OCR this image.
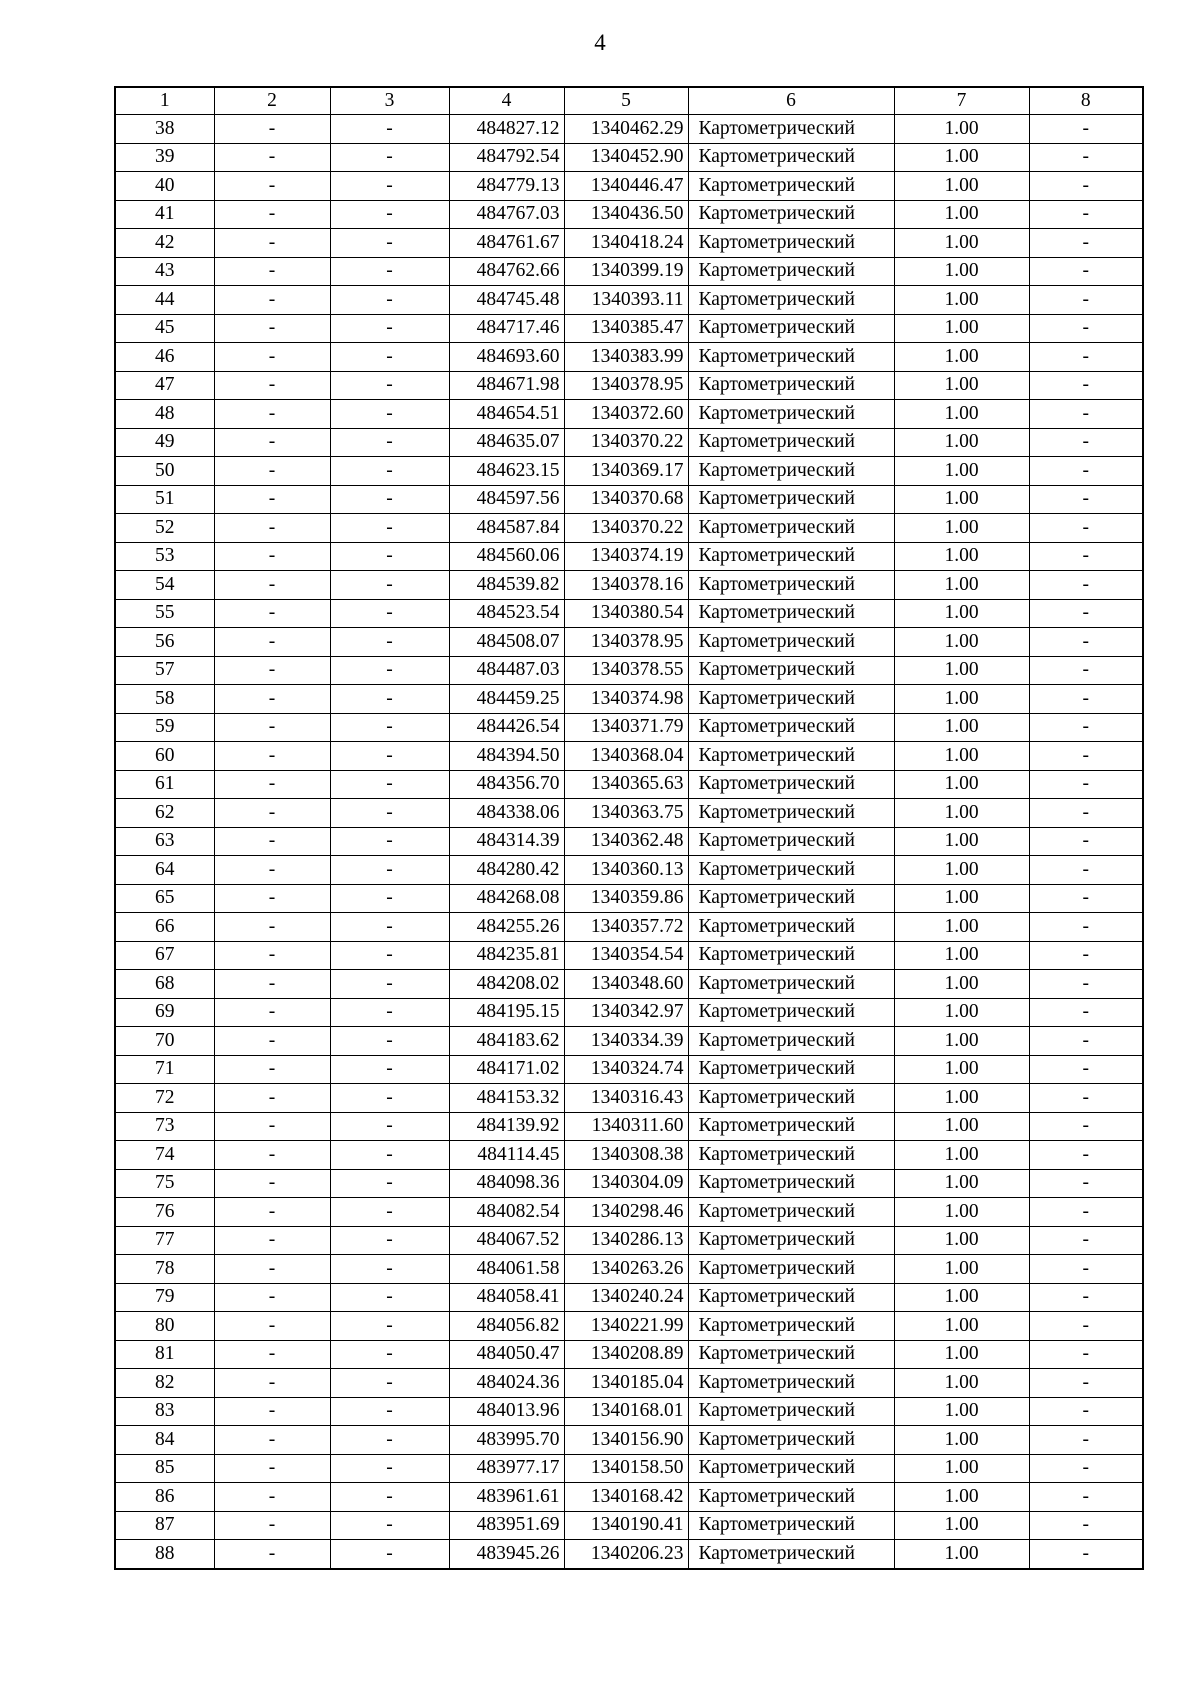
4
1	2	3	4	5	6	7	8
38	-	-	484827.12	1340462.29	Картометрический	1.00	-
39	-	-	484792.54	1340452.90	Картометрический	1.00	-
40	-	-	484779.13	1340446.47	Картометрический	1.00	-
41	-	-	484767.03	1340436.50	Картометрический	1.00	-
42	-	-	484761.67	1340418.24	Картометрический	1.00	-
43	-	-	484762.66	1340399.19	Картометрический	1.00	-
44	-	-	484745.48	1340393.11	Картометрический	1.00	-
45	-	-	484717.46	1340385.47	Картометрический	1.00	-
46	-	-	484693.60	1340383.99	Картометрический	1.00	-
47	-	-	484671.98	1340378.95	Картометрический	1.00	-
48	-	-	484654.51	1340372.60	Картометрический	1.00	-
49	-	-	484635.07	1340370.22	Картометрический	1.00	-
50	-	-	484623.15	1340369.17	Картометрический	1.00	-
51	-	-	484597.56	1340370.68	Картометрический	1.00	-
52	-	-	484587.84	1340370.22	Картометрический	1.00	-
53	-	-	484560.06	1340374.19	Картометрический	1.00	-
54	-	-	484539.82	1340378.16	Картометрический	1.00	-
55	-	-	484523.54	1340380.54	Картометрический	1.00	-
56	-	-	484508.07	1340378.95	Картометрический	1.00	-
57	-	-	484487.03	1340378.55	Картометрический	1.00	-
58	-	-	484459.25	1340374.98	Картометрический	1.00	-
59	-	-	484426.54	1340371.79	Картометрический	1.00	-
60	-	-	484394.50	1340368.04	Картометрический	1.00	-
61	-	-	484356.70	1340365.63	Картометрический	1.00	-
62	-	-	484338.06	1340363.75	Картометрический	1.00	-
63	-	-	484314.39	1340362.48	Картометрический	1.00	-
64	-	-	484280.42	1340360.13	Картометрический	1.00	-
65	-	-	484268.08	1340359.86	Картометрический	1.00	-
66	-	-	484255.26	1340357.72	Картометрический	1.00	-
67	-	-	484235.81	1340354.54	Картометрический	1.00	-
68	-	-	484208.02	1340348.60	Картометрический	1.00	-
69	-	-	484195.15	1340342.97	Картометрический	1.00	-
70	-	-	484183.62	1340334.39	Картометрический	1.00	-
71	-	-	484171.02	1340324.74	Картометрический	1.00	-
72	-	-	484153.32	1340316.43	Картометрический	1.00	-
73	-	-	484139.92	1340311.60	Картометрический	1.00	-
74	-	-	484114.45	1340308.38	Картометрический	1.00	-
75	-	-	484098.36	1340304.09	Картометрический	1.00	-
76	-	-	484082.54	1340298.46	Картометрический	1.00	-
77	-	-	484067.52	1340286.13	Картометрический	1.00	-
78	-	-	484061.58	1340263.26	Картометрический	1.00	-
79	-	-	484058.41	1340240.24	Картометрический	1.00	-
80	-	-	484056.82	1340221.99	Картометрический	1.00	-
81	-	-	484050.47	1340208.89	Картометрический	1.00	-
82	-	-	484024.36	1340185.04	Картометрический	1.00	-
83	-	-	484013.96	1340168.01	Картометрический	1.00	-
84	-	-	483995.70	1340156.90	Картометрический	1.00	-
85	-	-	483977.17	1340158.50	Картометрический	1.00	-
86	-	-	483961.61	1340168.42	Картометрический	1.00	-
87	-	-	483951.69	1340190.41	Картометрический	1.00	-
88	-	-	483945.26	1340206.23	Картометрический	1.00	-
